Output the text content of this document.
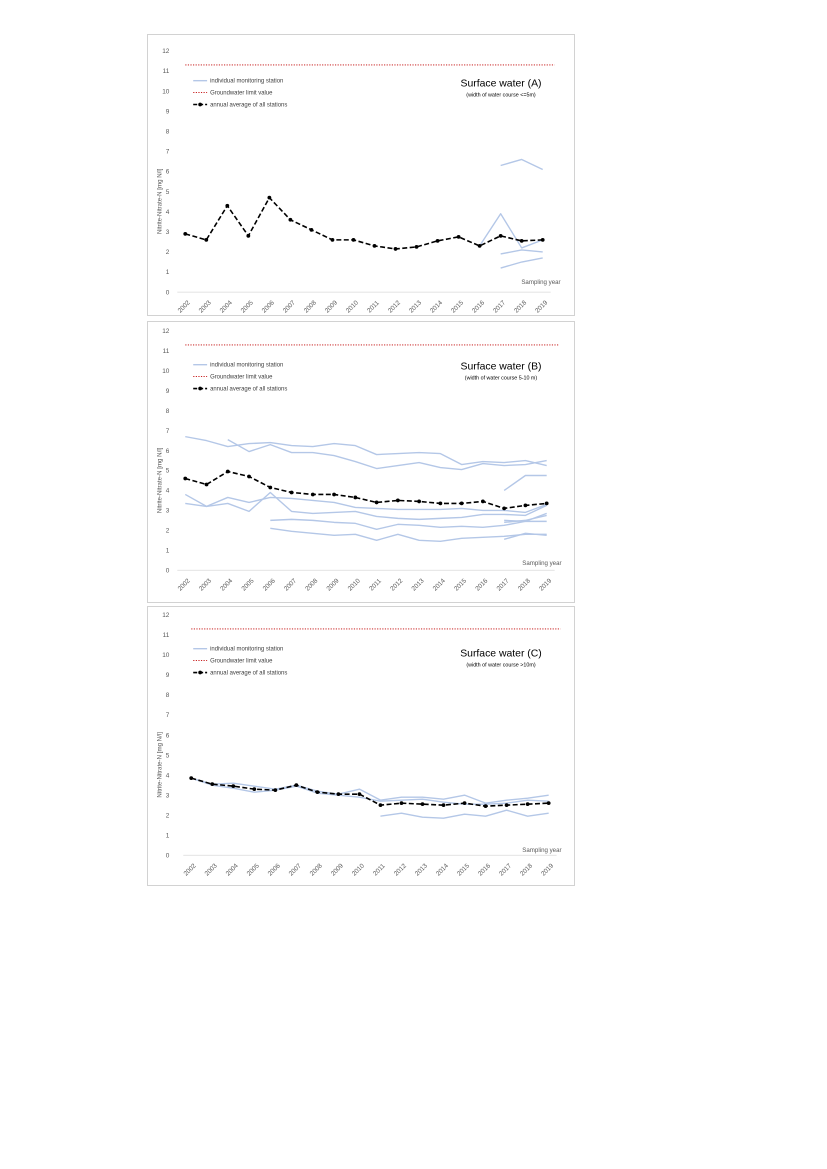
0
1
2
3
4
5
6
7
8
9
10
11
12
2002 2003 2004 2005 2006 2007 2008 2009 2010 2011 2012 2013 2014 2015 2016 2017 2018 2019
Nitrite-Nitrate-N [mg N/l]
Sampling year
individual monitoring station
Groundwater limit value
annual average of all stations
Surface water (A)
(width of water course <=5m)
0
1
2
3
4
5
6
7
8
9
10
11
12
2002 2003 2004 2005 2006 2007 2008 2009 2010 2011 2012 2013 2014 2015 2016 2017 2018 2019
Nitrite-Nitrate-N [mg N/l]
Sampling year
individual monitoring station
Groundwater limit value
annual average of all stations
Surface water (B)
(width of water course 5-10 m)
0
1
2
3
4
5
6
7
8
9
10
11
12
2002 2003 2004 2005 2006 2007 2008 2009 2010 2011 2012 2013 2014 2015 2016 2017 2018 2019
Nitrite-Nitrate-N [mg N/l]
Sampling year
individual monitoring station
Groundwater limit value
annual average of all stations
Surface water (C)
(width of water course >10m)
